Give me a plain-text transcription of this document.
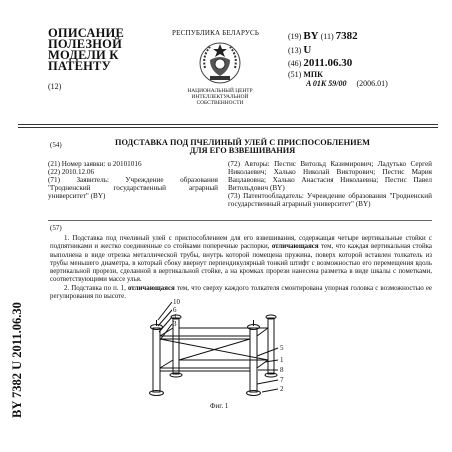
ОПИСАНИЕ
ПОЛЕЗНОЙ
МОДЕЛИ К
ПАТЕНТУ
(12)
РЕСПУБЛИКА БЕЛАРУСЬ
НАЦИОНАЛЬНЫЙ ЦЕНТР
ИНТЕЛЛЕКТУАЛЬНОЙ
СОБСТВЕННОСТИ
(19) BY (11) 7382
(13) U
(46) 2011.06.30
(51) МПК
A 01K 59/00 (2006.01)
(54)	ПОДСТАВКА ПОД ПЧЕЛИНЫЙ УЛЕЙ С ПРИСПОСОБЛЕНИЕМ ДЛЯ ЕГО ВЗВЕШИВАНИЯ
(21) Номер заявки: u 20101016
(22) 2010.12.06
(71) Заявитель: Учреждение образования "Гродненский государственный аграрный университет" (BY)
(72) Авторы: Пестис Витольд Казимирович; Ладутько Сергей Николаевич; Халько Николай Викторович; Пестис Мария Вацлавовна; Халько Анастасия Николаевна; Пестис Павел Витольдович (BY)
(73) Патентообладатель: Учреждение образования "Гродненский государственный аграрный университет" (BY)
(57)

1. Подставка под пчелиный улей с приспособлением для его взвешивания, содержащая четыре вертикальные стойки с подпятниками и жестко соединенные со стойками поперечные распорки, отличающаяся тем, что каждая вертикальная стойка выполнена в виде отрезка металлической трубы, внутрь которой помещена пружина, поверх которой вставлен толкатель из трубы меньшего диаметра, в который сбоку ввернут перпендикулярный тонкий штифт с возможностью его перемещения вдоль вертикальной прорези, сделанной в вертикальной стойке, а на кромках прорези нанесена разметка в виде шкалы с пометками, соответствующими массе улья.

2. Подставка по п. 1, отличающаяся тем, что сверху каждого толкателя смонтирована упорная головка с возможностью ее регулирования по высоте.

10
6
4
3
5
1
8
7
2
Фиг. 1
BY 7382 U 2011.06.30
